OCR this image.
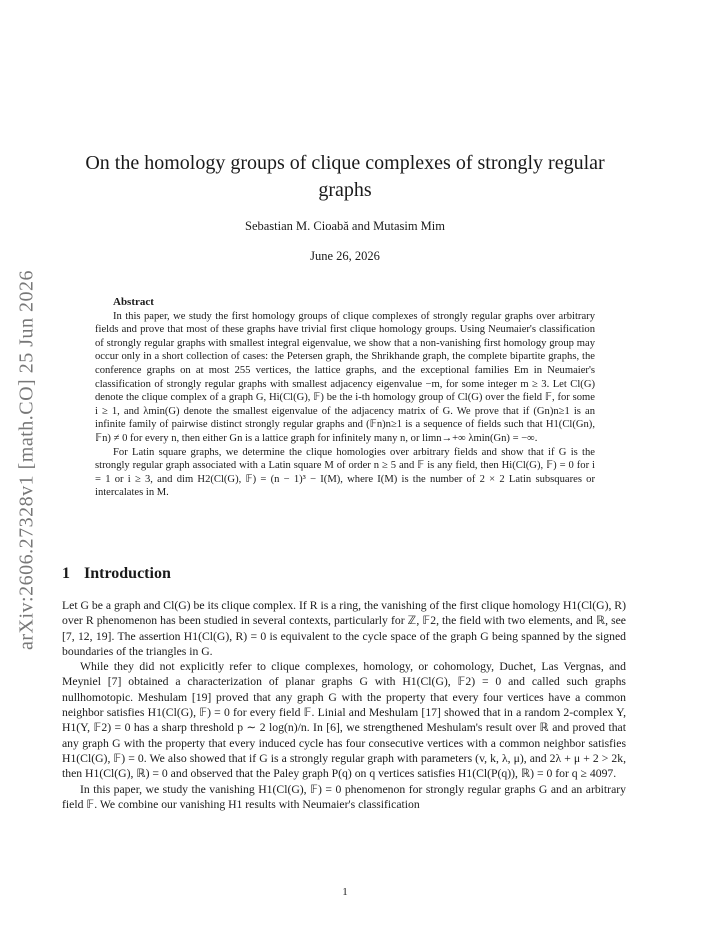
arXiv:2606.27328v1 [math.CO] 25 Jun 2026
On the homology groups of clique complexes of strongly regular graphs

Sebastian M. Cioabă and Mutasim Mim

June 26, 2026

Abstract

In this paper, we study the first homology groups of clique complexes of strongly regular graphs over arbitrary fields and prove that most of these graphs have trivial first clique homology groups. Using Neumaier's classification of strongly regular graphs with smallest integral eigenvalue, we show that a non-vanishing first homology group may occur only in a short collection of cases: the Petersen graph, the Shrikhande graph, the complete bipartite graphs, the conference graphs on at most 255 vertices, the lattice graphs, and the exceptional families Em in Neumaier's classification of strongly regular graphs with smallest adjacency eigenvalue −m, for some integer m ≥ 3. Let Cl(G) denote the clique complex of a graph G, Hi(Cl(G), 𝔽) be the i-th homology group of Cl(G) over the field 𝔽, for some i ≥ 1, and λmin(G) denote the smallest eigenvalue of the adjacency matrix of G. We prove that if (Gn)n≥1 is an infinite family of pairwise distinct strongly regular graphs and (𝔽n)n≥1 is a sequence of fields such that H1(Cl(Gn), 𝔽n) ≠ 0 for every n, then either Gn is a lattice graph for infinitely many n, or limn→+∞ λmin(Gn) = −∞.

For Latin square graphs, we determine the clique homologies over arbitrary fields and show that if G is the strongly regular graph associated with a Latin square M of order n ≥ 5 and 𝔽 is any field, then Hi(Cl(G), 𝔽) = 0 for i = 1 or i ≥ 3, and dim H2(Cl(G), 𝔽) = (n − 1)³ − I(M), where I(M) is the number of 2 × 2 Latin subsquares or intercalates in M.

1 Introduction

Let G be a graph and Cl(G) be its clique complex. If R is a ring, the vanishing of the first clique homology H1(Cl(G), R) over R phenomenon has been studied in several contexts, particularly for ℤ, 𝔽2, the field with two elements, and ℝ, see [7, 12, 19]. The assertion H1(Cl(G), R) = 0 is equivalent to the cycle space of the graph G being spanned by the signed boundaries of the triangles in G.

While they did not explicitly refer to clique complexes, homology, or cohomology, Duchet, Las Vergnas, and Meyniel [7] obtained a characterization of planar graphs G with H1(Cl(G), 𝔽2) = 0 and called such graphs nullhomotopic. Meshulam [19] proved that any graph G with the property that every four vertices have a common neighbor satisfies H1(Cl(G), 𝔽) = 0 for every field 𝔽. Linial and Meshulam [17] showed that in a random 2-complex Y, H1(Y, 𝔽2) = 0 has a sharp threshold p ∼ 2 log(n)/n. In [6], we strengthened Meshulam's result over ℝ and proved that any graph G with the property that every induced cycle has four consecutive vertices with a common neighbor satisfies H1(Cl(G), 𝔽) = 0. We also showed that if G is a strongly regular graph with parameters (v, k, λ, μ), and 2λ + μ + 2 > 2k, then H1(Cl(G), ℝ) = 0 and observed that the Paley graph P(q) on q vertices satisfies H1(Cl(P(q)), ℝ) = 0 for q ≥ 4097.

In this paper, we study the vanishing H1(Cl(G), 𝔽) = 0 phenomenon for strongly regular graphs G and an arbitrary field 𝔽. We combine our vanishing H1 results with Neumaier's classification

1
